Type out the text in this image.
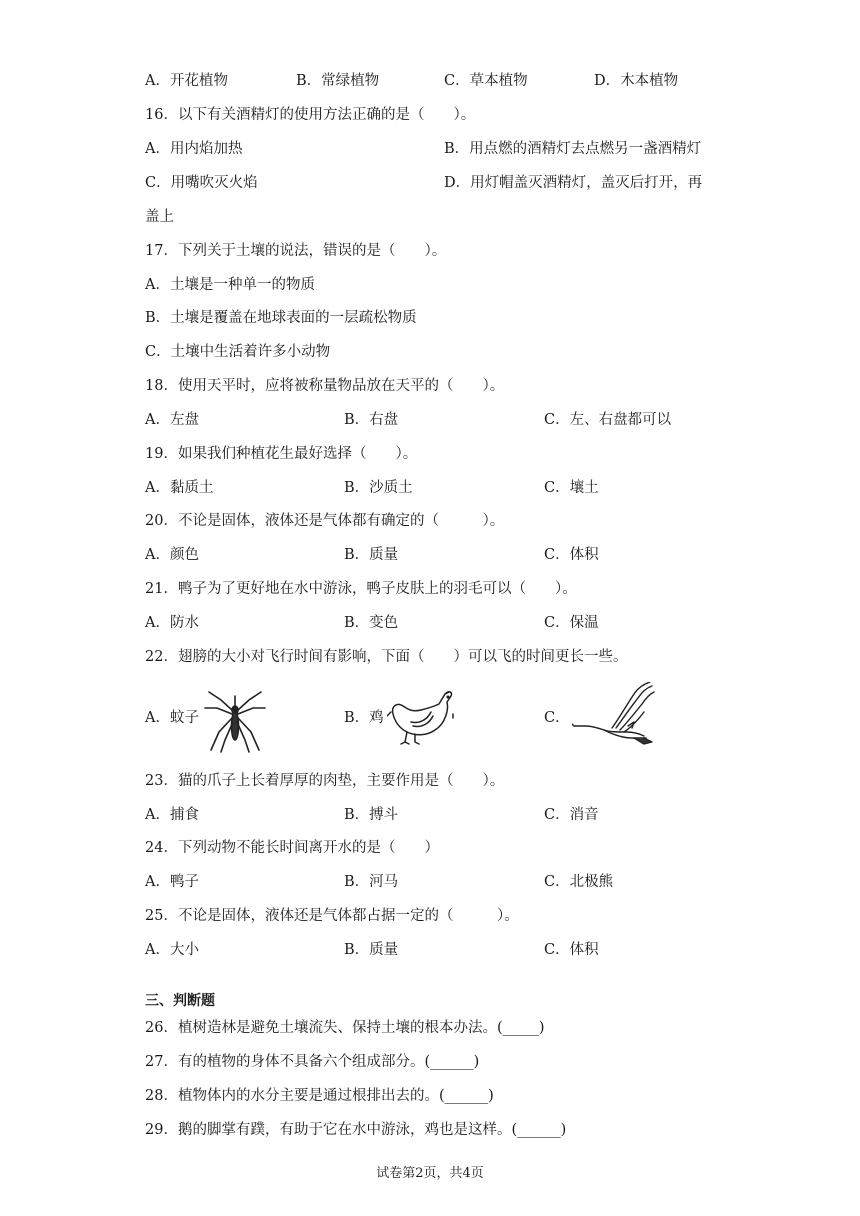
A．开花植物	B．常绿植物	C．草本植物	D．木本植物
16．以下有关酒精灯的使用方法正确的是（　　）。
A．用内焰加热	B．用点燃的酒精灯去点燃另一盏酒精灯
C．用嘴吹灭火焰	D．用灯帽盖灭酒精灯，盖灭后打开，再
盖上
17．下列关于土壤的说法，错误的是（　　）。
A．土壤是一种单一的物质
B．土壤是覆盖在地球表面的一层疏松物质
C．土壤中生活着许多小动物
18．使用天平时，应将被称量物品放在天平的（　　）。
A．左盘	B．右盘	C．左、右盘都可以
19．如果我们种植花生最好选择（　　）。
A．黏质土	B．沙质土	C．壤土
20．不论是固体，液体还是气体都有确定的（　　　）。
A．颜色	B．质量	C．体积
21．鸭子为了更好地在水中游泳，鸭子皮肤上的羽毛可以（　　）。
A．防水	B．变色	C．保温
22．翅膀的大小对飞行时间有影响，下面（　　）可以飞的时间更长一些。
A．蚊子	B．鸡	C．
23．猫的爪子上长着厚厚的肉垫，主要作用是（　　）。
A．捕食	B．搏斗	C．消音
24．下列动物不能长时间离开水的是（　　）
A．鸭子	B．河马	C．北极熊
25．不论是固体，液体还是气体都占据一定的（　　　）。
A．大小	B．质量	C．体积
三、判断题
26．植树造林是避免土壤流失、保持土壤的根本办法。(_____)
27．有的植物的身体不具备六个组成部分。(______)
28．植物体内的水分主要是通过根排出去的。(______)
29．鹅的脚掌有蹼，有助于它在水中游泳，鸡也是这样。(______)
试卷第2页，共4页
